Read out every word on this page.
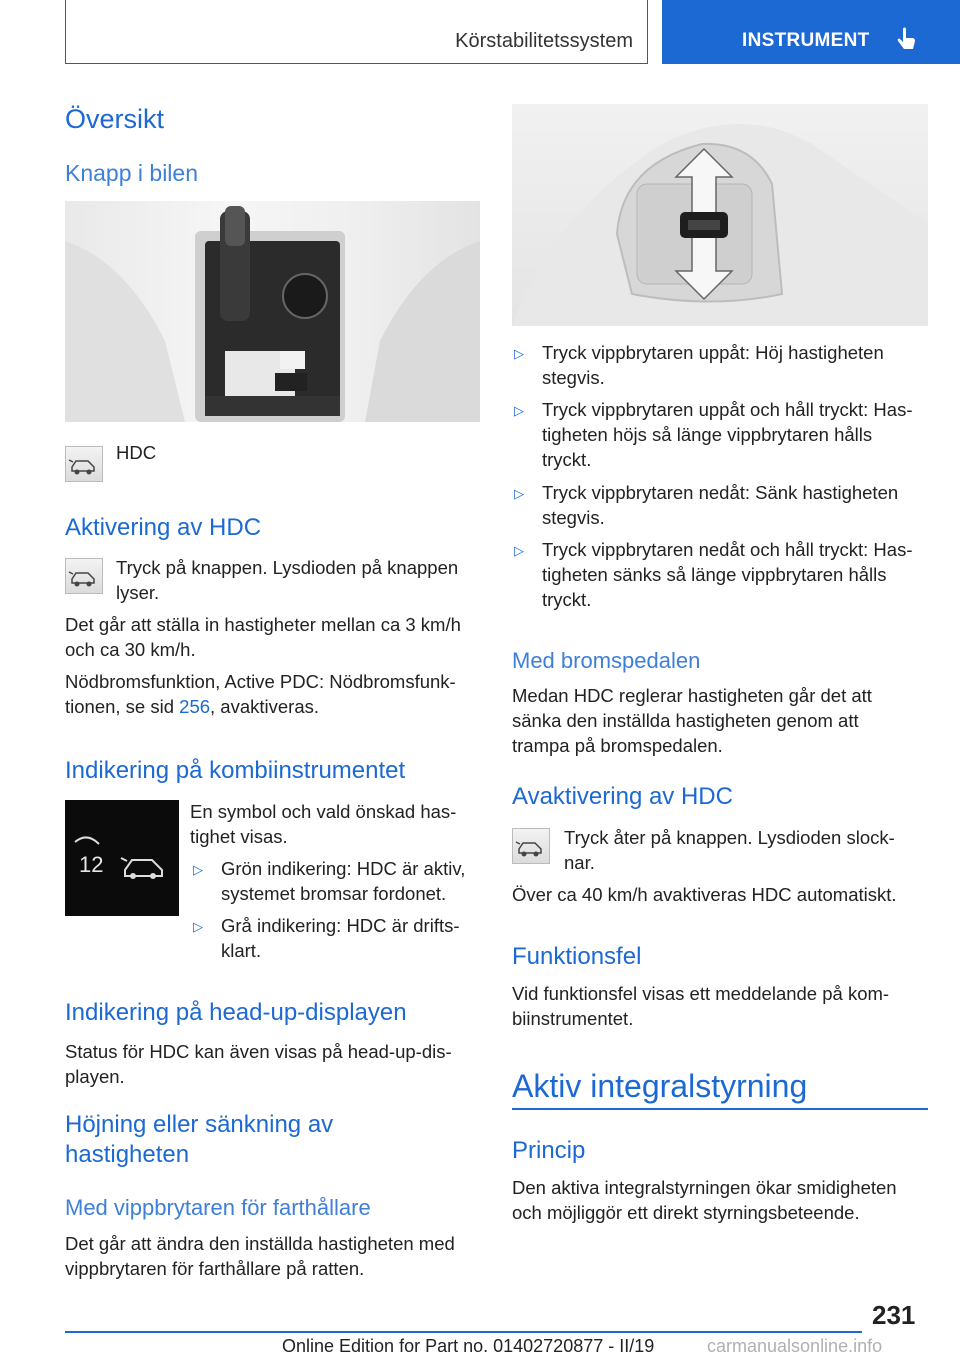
Körstabilitetssystem	INSTRUMENT
Översikt
Knapp i bilen
HDC
Aktivering av HDC
Tryck på knappen. Lysdioden på knappen
lyser.
Det går att ställa in hastigheter mellan ca 3 km/h
och ca 30 km/h.
Nödbromsfunktion, Active PDC: Nödbromsfunk‐
tionen, se sid 256, avaktiveras.
Indikering på kombiinstrumentet
12
En symbol och vald önskad has‐
tighet visas.
▷ Grön indikering: HDC är aktiv,
systemet bromsar fordonet.
▷ Grå indikering: HDC är drifts‐
klart.
Indikering på head-up-displayen
Status för HDC kan även visas på head-up-dis‐
playen.
Höjning eller sänkning av
hastigheten
Med vippbrytaren för farthållare
Det går att ändra den inställda hastigheten med
vippbrytaren för farthållare på ratten.
▷ Tryck vippbrytaren uppåt: Höj hastigheten
stegvis.
▷ Tryck vippbrytaren uppåt och håll tryckt: Has‐
tigheten höjs så länge vippbrytaren hålls
tryckt.
▷ Tryck vippbrytaren nedåt: Sänk hastigheten
stegvis.
▷ Tryck vippbrytaren nedåt och håll tryckt: Has‐
tigheten sänks så länge vippbrytaren hålls
tryckt.
Med bromspedalen
Medan HDC reglerar hastigheten går det att
sänka den inställda hastigheten genom att
trampa på bromspedalen.
Avaktivering av HDC
Tryck åter på knappen. Lysdioden slock‐
nar.
Över ca 40 km/h avaktiveras HDC automatiskt.
Funktionsfel
Vid funktionsfel visas ett meddelande på kom‐
biinstrumentet.
Aktiv integralstyrning
Princip
Den aktiva integralstyrningen ökar smidigheten
och möjliggör ett direkt styrningsbeteende.
231
Online Edition for Part no. 01402720877 - II/19	carmanualsonline.info
